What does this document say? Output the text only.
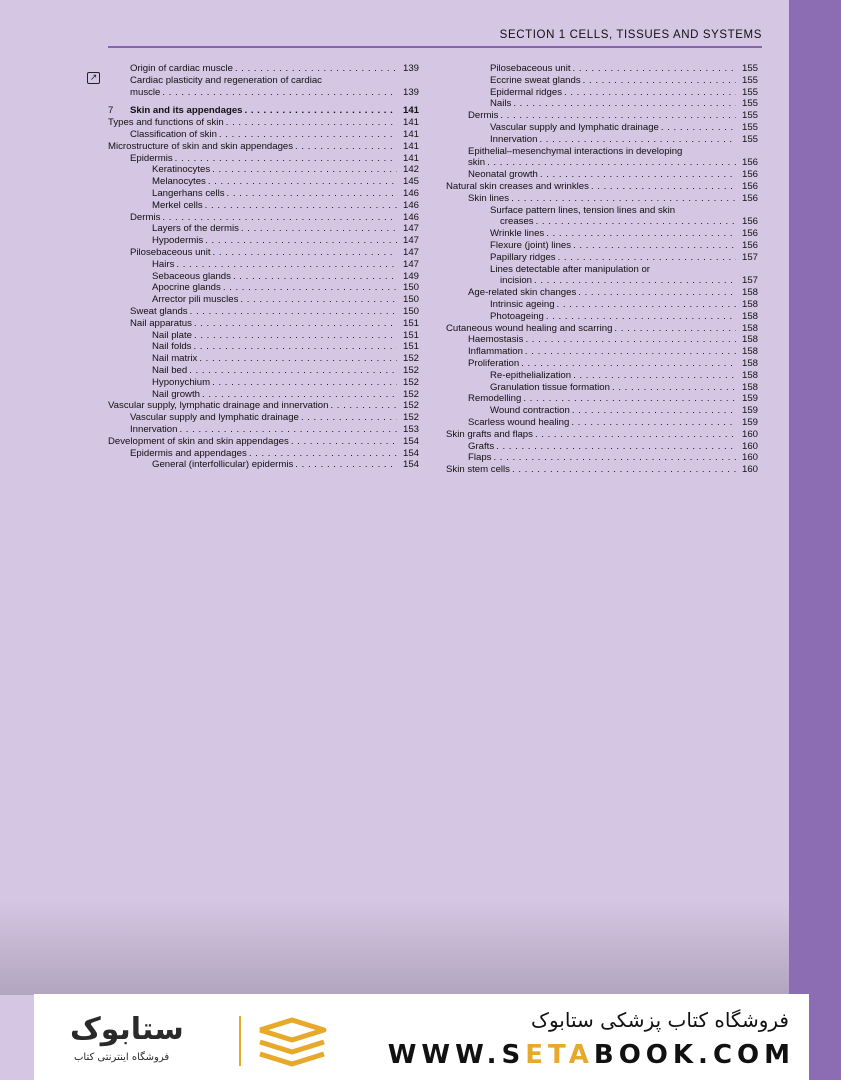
SECTION 1 CELLS, TISSUES AND SYSTEMS
↗
Origin of cardiac muscle . . .	139
Cardiac plasticity and regeneration of cardiac
muscle . . .	139
7	Skin and its appendages . . .	141
Types and functions of skin . . .	141
Classification of skin . . .	141
Microstructure of skin and skin appendages . . .	141
Epidermis . . .	141
Keratinocytes . . .	142
Melanocytes . . .	145
Langerhans cells . . .	146
Merkel cells . . .	146
Dermis . . .	146
Layers of the dermis . . .	147
Hypodermis . . .	147
Pilosebaceous unit . . .	147
Hairs . . .	147
Sebaceous glands . . .	149
Apocrine glands . . .	150
Arrector pili muscles . . .	150
Sweat glands . . .	150
Nail apparatus . . .	151
Nail plate . . .	151
Nail folds . . .	151
Nail matrix . . .	152
Nail bed . . .	152
Hyponychium . . .	152
Nail growth . . .	152
Vascular supply, lymphatic drainage and innervation . . .	152
Vascular supply and lymphatic drainage . . .	152
Innervation . . .	153
Development of skin and skin appendages . . .	154
Epidermis and appendages . . .	154
General (interfollicular) epidermis . . .	154
Pilosebaceous unit . . .	155
Eccrine sweat glands . . .	155
Epidermal ridges . . .	155
Nails . . .	155
Dermis . . .	155
Vascular supply and lymphatic drainage . . .	155
Innervation . . .	155
Epithelial–mesenchymal interactions in developing
skin . . .	156
Neonatal growth . . .	156
Natural skin creases and wrinkles . . .	156
Skin lines . . .	156
Surface pattern lines, tension lines and skin
creases . . .	156
Wrinkle lines . . .	156
Flexure (joint) lines . . .	156
Papillary ridges . . .	157
Lines detectable after manipulation or
incision . . .	157
Age-related skin changes . . .	158
Intrinsic ageing . . .	158
Photoageing . . .	158
Cutaneous wound healing and scarring . . .	158
Haemostasis . . .	158
Inflammation . . .	158
Proliferation . . .	158
Re-epithelialization . . .	158
Granulation tissue formation . . .	158
Remodelling . . .	159
Wound contraction . . .	159
Scarless wound healing . . .	159
Skin grafts and flaps . . .	160
Grafts . . .	160
Flaps . . .	160
Skin stem cells . . .	160
ستابوک
فروشگاه اینترنتی کتاب
فروشگاه کتاب پزشکی ستابوک
WWW.SETABOOK.COM
